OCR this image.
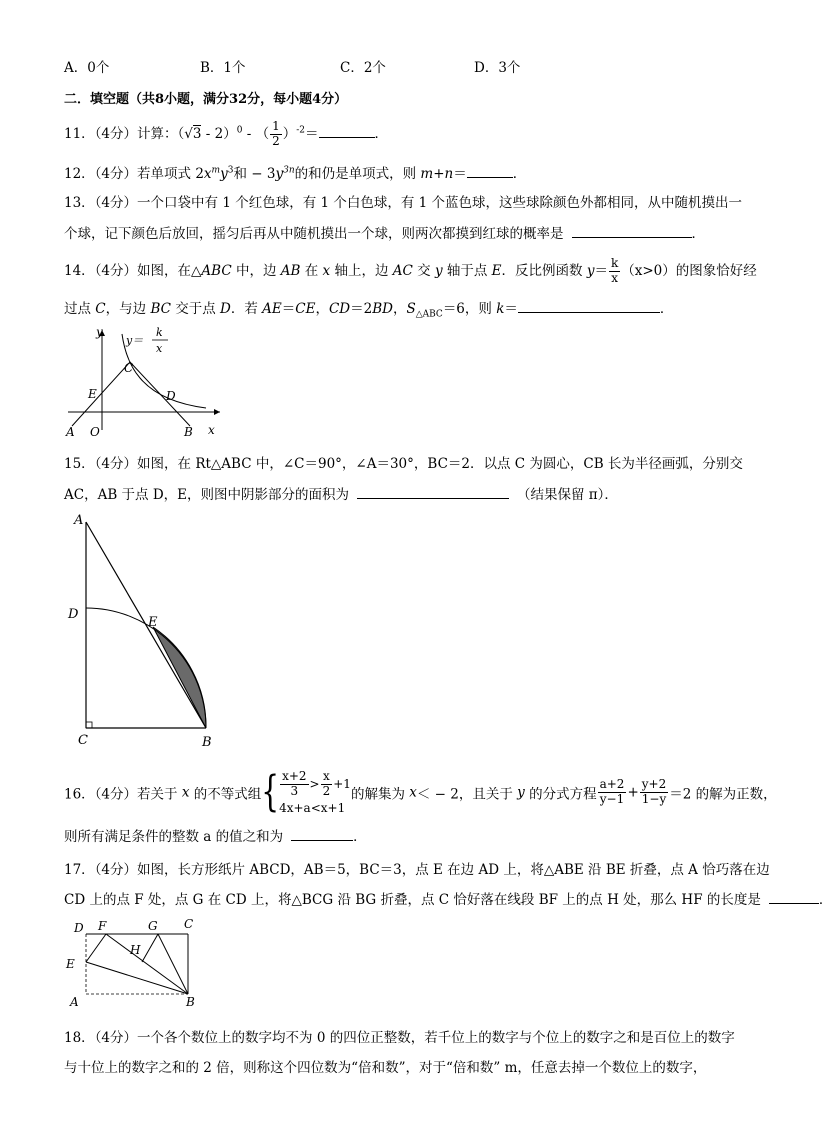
A．0个	B．1个	C．2个	D．3个
二．填空题（共8小题，满分32分，每小题4分）
11．（4分）计算：（√3 - 2）$^0$ - （ $\frac{1}{2} )^{-2}=$	．
12．（4分）若单项式 $2x^my^3$和 − $3y^{3n}$的和仍是单项式，则 m+n＝	．
13．（4分）一个口袋中有 1 个红色球，有 1 个白色球，有 1 个蓝色球，这些球除颜色外都相同，从中随机摸出一
个球，记下颜色后放回，摇匀后再从中随机摸出一个球，则两次都摸到红球的概率是	．
14．（4分）如图，在△ABC 中，边 AB 在 x 轴上，边 AC 交 y 轴于点 E．反比例函数 $y= \frac{k}{x} (x>0)$的图象恰好经
过点 C，与边 BC 交于点 D．若 AE＝CE，CD＝2BD，$S_{\triangle ABC}=6$，则 k＝	．
y
x
y＝
k
x
A O	B
C
D
E
15．（4分）如图，在 Rt△ABC 中，∠C＝90°，∠A＝30°，BC＝2．以点 C 为圆心，CB 长为半径画弧，分别交
AC，AB 于点 D，E，则图中阴影部分的面积为	（结果保留 π）．
A
D
E
C	B
16．（4分）若关于 x 的不等式组{ $\frac{x+2}{3} > \frac{x}{2} +1$
4x+a<x+1
的解集为 x＜ − 2，且关于 y 的分式方程 $\frac{a+2}{y-1} + \frac{y+2}{1-y} =2$ 的解为正数，
则所有满足条件的整数 a 的值之和为	．
17．（4分）如图，长方形纸片 ABCD，AB＝5，BC＝3，点 E 在边 AD 上，将△ABE 沿 BE 折叠，点 A 恰巧落在边
CD 上的点 F 处，点 G 在 CD 上，将△BCG 沿 BG 折叠，点 C 恰好落在线段 BF 上的点 H 处，那么 HF 的长度是	．
D F	G C
H
E
A	B
18．（4分）一个各个数位上的数字均不为 0 的四位正整数，若千位上的数字与个位上的数字之和是百位上的数字
与十位上的数字之和的 2 倍，则称这个四位数为“倍和数”，对于“倍和数” m，任意去掉一个数位上的数字，
